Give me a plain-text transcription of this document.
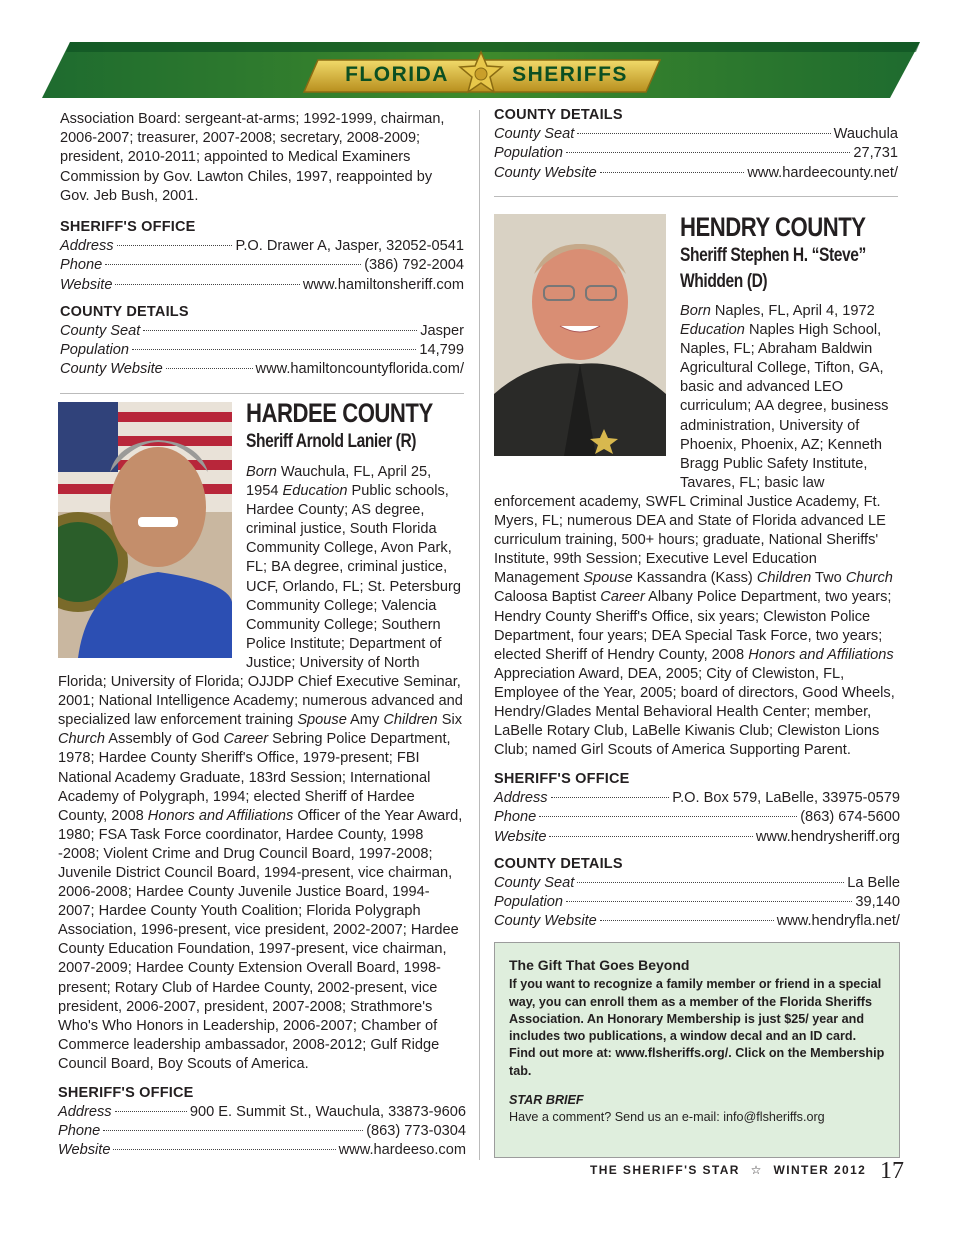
FLORIDA	SHERIFFS

Association Board: sergeant-at-arms; 1992-1999, chairman, 2006-2007; treasurer, 2007-2008; secretary, 2008-2009; president, 2010-2011; appointed to Medical Examiners Commission by Gov. Lawton Chiles, 1997, reappointed by Gov. Jeb Bush, 2001.

SHERIFF'S OFFICE
Address	P.O. Drawer A, Jasper, 32052-0541
Phone	(386) 792-2004
Website	www.hamiltonsheriff.com
COUNTY DETAILS
County Seat	Jasper
Population	14,799
County Website	www.hamiltoncountyflorida.com/
HARDEE COUNTY
Sheriff Arnold Lanier (R)

Born Wauchula, FL, April 25, 1954 Education Public schools, Hardee County; AS degree, criminal justice, South Florida Community College, Avon Park, FL; BA degree, criminal justice, UCF, Orlando, FL; St. Petersburg Community College; Valencia Community College; Southern Police Institute; Department of Justice; University of North Florida; University of Florida; OJJDP Chief Executive Seminar, 2001; National Intelligence Academy; numerous advanced and specialized law enforcement training Spouse Amy Children Six Church Assembly of God Career Sebring Police Department, 1978; Hardee County Sheriff's Office, 1979-present; FBI National Academy Graduate, 183rd Session; International Academy of Polygraph, 1994; elected Sheriff of Hardee County, 2008 Honors and Affiliations Officer of the Year Award, 1980; FSA Task Force coordinator, Hardee County, 1998 -2008; Violent Crime and Drug Council Board, 1997-2008; Juvenile District Council Board, 1994-present, vice chairman, 2006-2008; Hardee County Juvenile Justice Board, 1994-2007; Hardee County Youth Coalition; Florida Polygraph Association, 1996-present, vice president, 2002-2007; Hardee County Education Foundation, 1997-present, vice chairman, 2007-2009; Hardee County Extension Overall Board, 1998-present; Rotary Club of Hardee County, 2002-present, vice president, 2006-2007, president, 2007-2008; Strathmore's Who's Who Honors in Leadership, 2006-2007; Chamber of Commerce leadership ambassador, 2008-2012; Gulf Ridge Council Board, Boy Scouts of America.

SHERIFF'S OFFICE
Address	900 E. Summit St., Wauchula, 33873-9606
Phone	(863) 773-0304
Website	www.hardeeso.com
COUNTY DETAILS
County Seat	Wauchula
Population	27,731
County Website	www.hardeecounty.net/
HENDRY COUNTY
Sheriff Stephen H. “Steve”
Whidden (D)

Born Naples, FL, April 4, 1972 Education Naples High School, Naples, FL; Abraham Baldwin Agricultural College, Tifton, GA, basic and advanced LEO curriculum; AA degree, business administration, University of Phoenix, Phoenix, AZ; Kenneth Bragg Public Safety Institute, Tavares, FL; basic law enforcement academy, SWFL Criminal Justice Academy, Ft. Myers, FL; numerous DEA and State of Florida advanced LE curriculum training, 500+ hours; graduate, National Sheriffs' Institute, 99th Session; Executive Level Education Management Spouse Kassandra (Kass) Children Two Church Caloosa Baptist Career Albany Police Department, two years; Hendry County Sheriff's Office, six years; Clewiston Police Department, four years; DEA Special Task Force, two years; elected Sheriff of Hendry County, 2008 Honors and Affiliations Appreciation Award, DEA, 2005; City of Clewiston, FL, Employee of the Year, 2005; board of directors, Good Wheels, Hendry/Glades Mental Behavioral Health Center; member, LaBelle Rotary Club, LaBelle Kiwanis Club; Clewiston Lions Club; named Girl Scouts of America Supporting Parent.

SHERIFF'S OFFICE
Address	P.O. Box 579, LaBelle, 33975-0579
Phone	(863) 674-5600
Website	www.hendrysheriff.org
COUNTY DETAILS
County Seat	La Belle
Population	39,140
County Website	www.hendryfla.net/
The Gift That Goes Beyond
If you want to recognize a family member or friend in a special way, you can enroll them as a member of the Florida Sheriffs Association. An Honorary Membership is just $25/ year and includes two publications, a window decal and an ID card. Find out more at: www.flsheriffs.org/. Click on the Membership tab.
STAR BRIEF
Have a comment? Send us an e-mail: info@flsheriffs.org
THE SHERIFF'S STAR ☆ WINTER 2012 17
